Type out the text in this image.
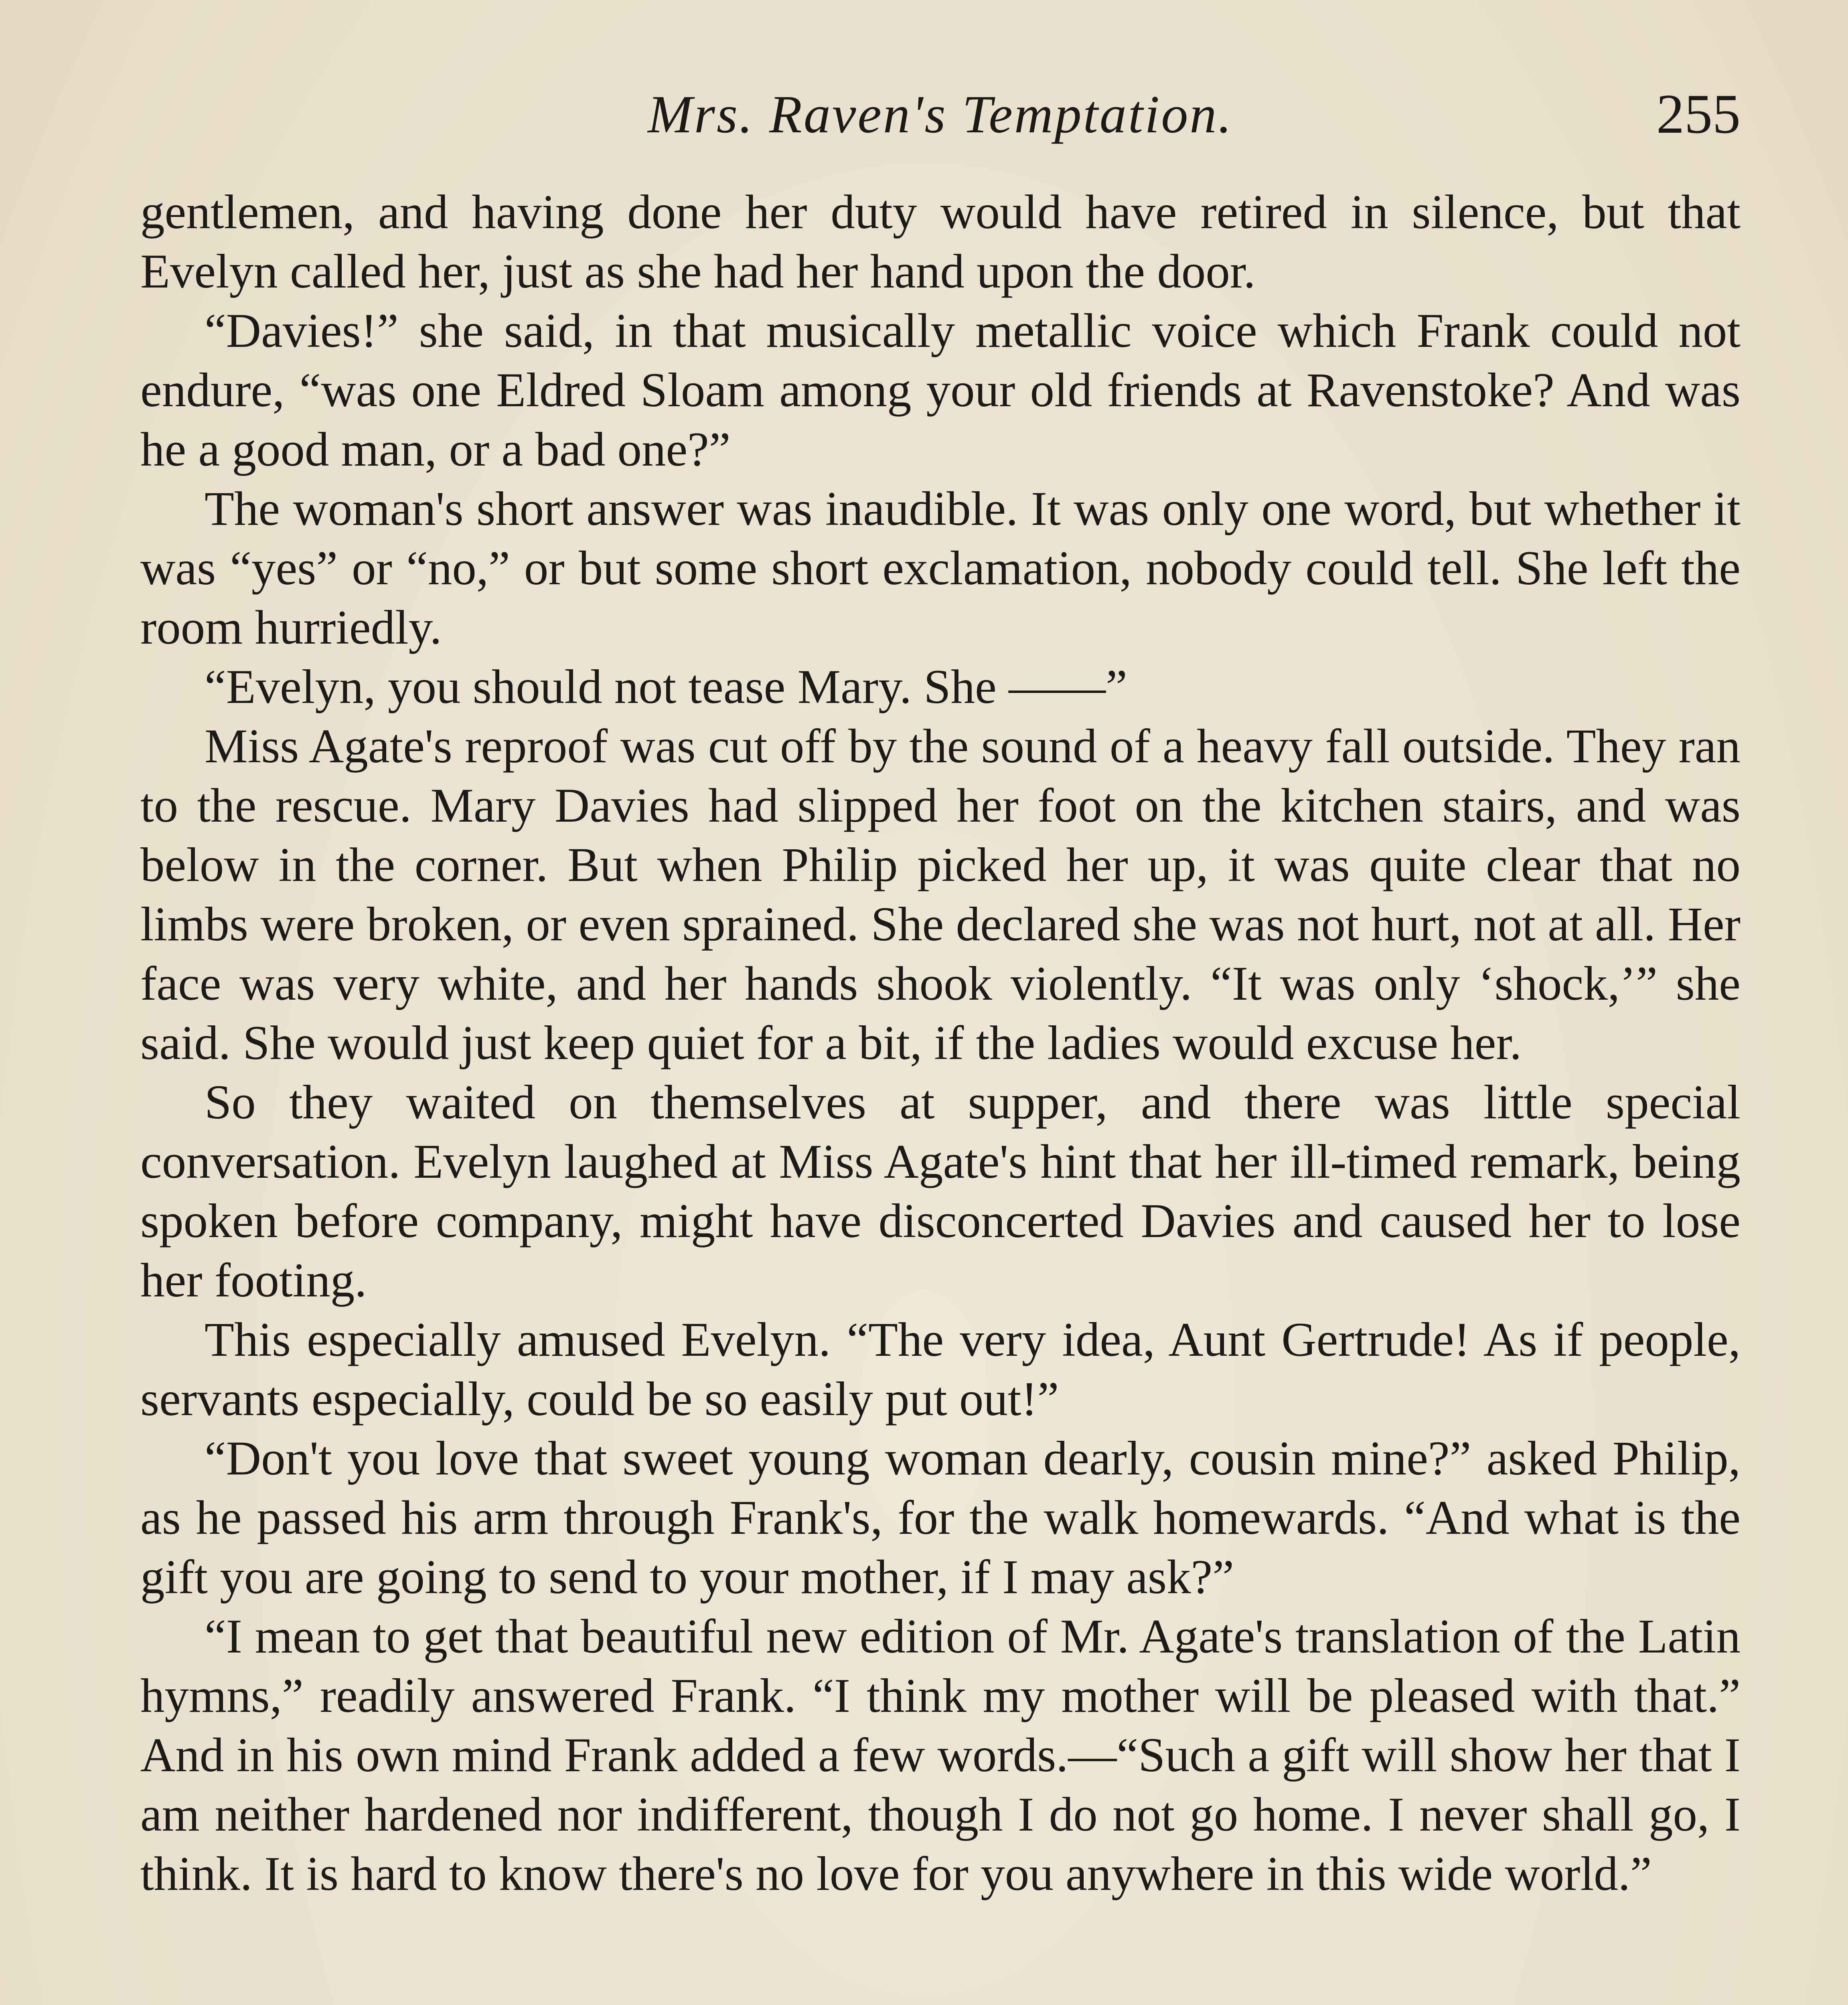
Mrs. Raven's Temptation.	255

gentlemen, and having done her duty would have retired in silence, but that Evelyn called her, just as she had her hand upon the door.

“Davies!” she said, in that musically metallic voice which Frank could not endure, “was one Eldred Sloam among your old friends at Ravenstoke? And was he a good man, or a bad one?”

The woman's short answer was inaudible. It was only one word, but whether it was “yes” or “no,” or but some short exclamation, nobody could tell. She left the room hurriedly.

“Evelyn, you should not tease Mary. She ——”

Miss Agate's reproof was cut off by the sound of a heavy fall outside. They ran to the rescue. Mary Davies had slipped her foot on the kitchen stairs, and was below in the corner. But when Philip picked her up, it was quite clear that no limbs were broken, or even sprained. She declared she was not hurt, not at all. Her face was very white, and her hands shook violently. “It was only ‘shock,’” she said. She would just keep quiet for a bit, if the ladies would excuse her.

So they waited on themselves at supper, and there was little special conversation. Evelyn laughed at Miss Agate's hint that her ill-timed remark, being spoken before company, might have disconcerted Davies and caused her to lose her footing.

This especially amused Evelyn. “The very idea, Aunt Gertrude! As if people, servants especially, could be so easily put out!”

“Don't you love that sweet young woman dearly, cousin mine?” asked Philip, as he passed his arm through Frank's, for the walk homewards. “And what is the gift you are going to send to your mother, if I may ask?”

“I mean to get that beautiful new edition of Mr. Agate's translation of the Latin hymns,” readily answered Frank. “I think my mother will be pleased with that.” And in his own mind Frank added a few words.—“Such a gift will show her that I am neither hardened nor indifferent, though I do not go home. I never shall go, I think. It is hard to know there's no love for you anywhere in this wide world.”
